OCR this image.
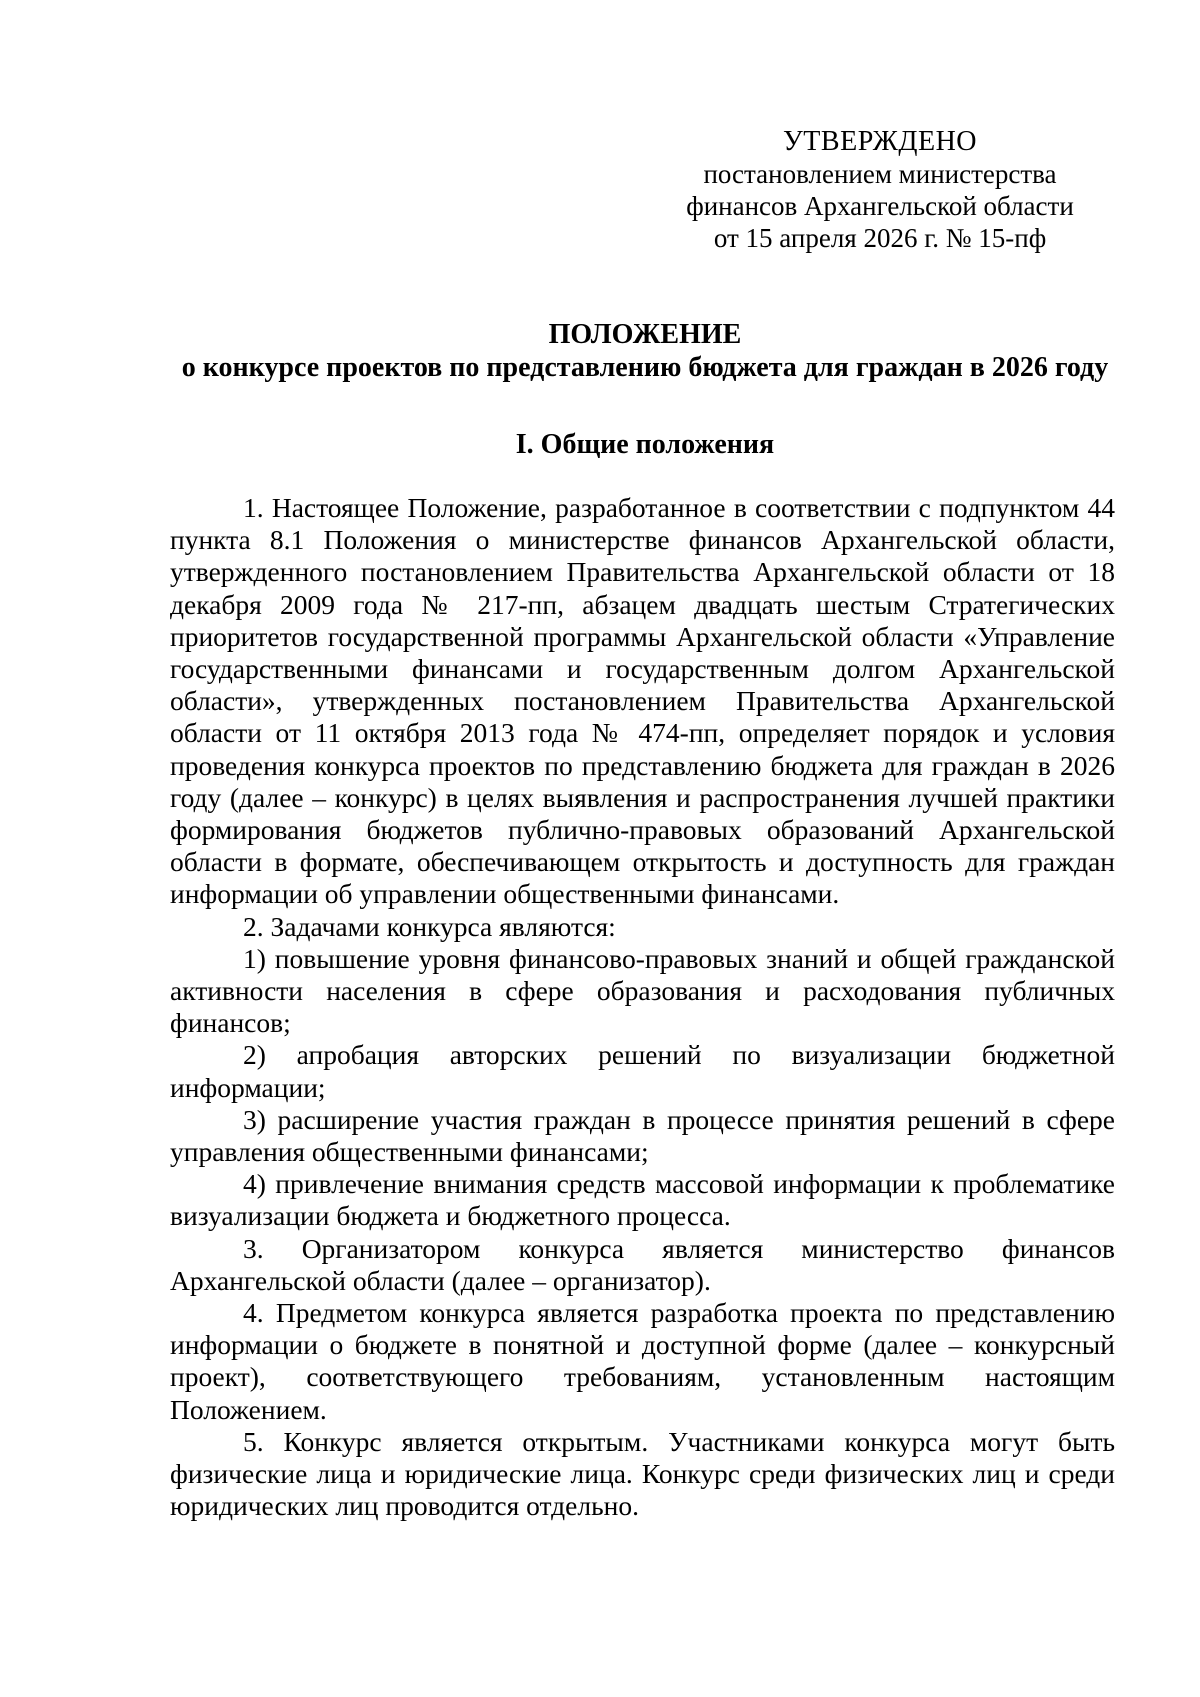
УТВЕРЖДЕНО
постановлением министерства
финансов Архангельской области
от 15 апреля 2026 г. № 15-пф
ПОЛОЖЕНИЕ
о конкурсе проектов по представлению бюджета для граждан в 2026 году
I. Общие положения

1. Настоящее Положение, разработанное в соответствии с подпунктом 44 пункта 8.1 Положения о министерстве финансов Архангельской области, утвержденного постановлением Правительства Архангельской области от 18 декабря 2009 года № 217-пп, абзацем двадцать шестым Стратегических приоритетов государственной программы Архангельской области «Управление государственными финансами и государственным долгом Архангельской области», утвержденных постановлением Правительства Архангельской области от 11 октября 2013 года № 474-пп, определяет порядок и условия проведения конкурса проектов по представлению бюджета для граждан в 2026 году (далее – конкурс) в целях выявления и распространения лучшей практики формирования бюджетов публично-правовых образований Архангельской области в формате, обеспечивающем открытость и доступность для граждан информации об управлении общественными финансами.

2. Задачами конкурса являются:

1) повышение уровня финансово-правовых знаний и общей гражданской активности населения в сфере образования и расходования публичных финансов;

2) апробация авторских решений по визуализации бюджетной информации;

3) расширение участия граждан в процессе принятия решений в сфере управления общественными финансами;

4) привлечение внимания средств массовой информации к проблематике визуализации бюджета и бюджетного процесса.

3. Организатором конкурса является министерство финансов Архангельской области (далее – организатор).

4. Предметом конкурса является разработка проекта по представлению информации о бюджете в понятной и доступной форме (далее – конкурсный проект), соответствующего требованиям, установленным настоящим Положением.

5. Конкурс является открытым. Участниками конкурса могут быть физические лица и юридические лица. Конкурс среди физических лиц и среди юридических лиц проводится отдельно.
